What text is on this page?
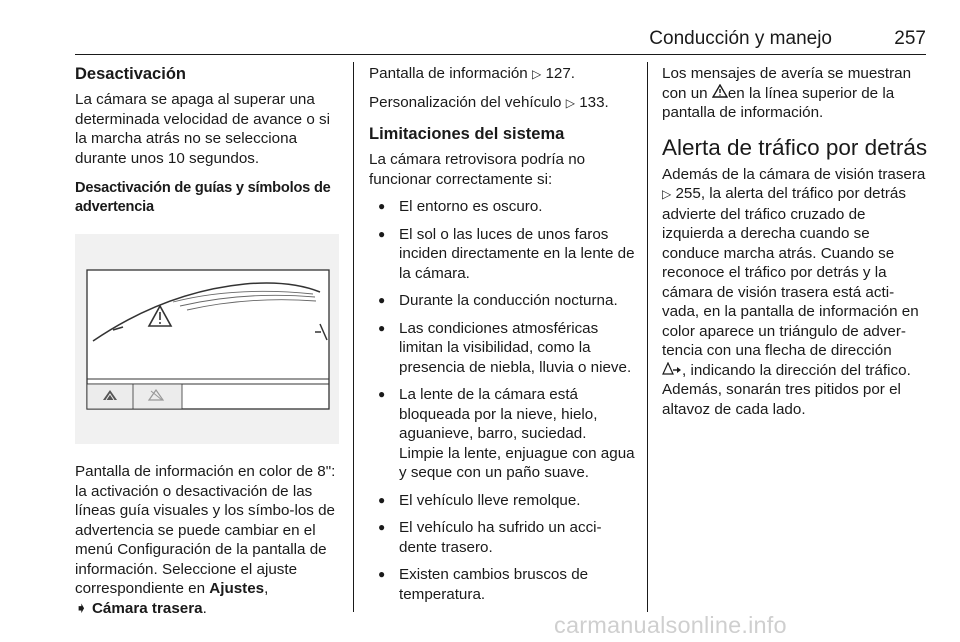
Conducción y manejo	257
Desactivación

La cámara se apaga al superar una determinada velocidad de avance o si la marcha atrás no se selecciona durante unos 10 segundos.

Desactivación de guías y símbolos de advertencia

Pantalla de información en color de 8": la activación o desactivación de las líneas guía visuales y los símbo‐los de advertencia se puede cambiar en el menú Configuración de la pantalla de información. Seleccione el ajuste correspondiente en Ajustes,
➧ Cámara trasera.

Pantalla de información ▷ 127.

Personalización del vehículo ▷ 133.

Limitaciones del sistema

La cámara retrovisora podría no funcionar correctamente si:

● El entorno es oscuro.
● El sol o las luces de unos faros inciden directamente en la lente de la cámara.
● Durante la conducción nocturna.
● Las condiciones atmosféricas limitan la visibilidad, como la presencia de niebla, lluvia o nieve.
● La lente de la cámara está bloqueada por la nieve, hielo, aguanieve, barro, suciedad. Limpie la lente, enjuague con agua y seque con un paño suave.
● El vehículo lleve remolque.
● El vehículo ha sufrido un acci‐dente trasero.
● Existen cambios bruscos de temperatura.

Los mensajes de avería se muestran con un en la línea superior de la pantalla de información.

Alerta de tráfico por detrás

Además de la cámara de visión trasera ▷ 255, la alerta del tráfico por detrás advierte del tráfico cruzado de izquierda a derecha cuando se conduce marcha atrás. Cuando se reconoce el tráfico por detrás y la cámara de visión trasera está acti‐vada, en la pantalla de información en color aparece un triángulo de adver‐tencia con una flecha de dirección
, indicando la dirección del tráfico. Además, sonarán tres pitidos por el altavoz de cada lado.

carmanualsonline.info
